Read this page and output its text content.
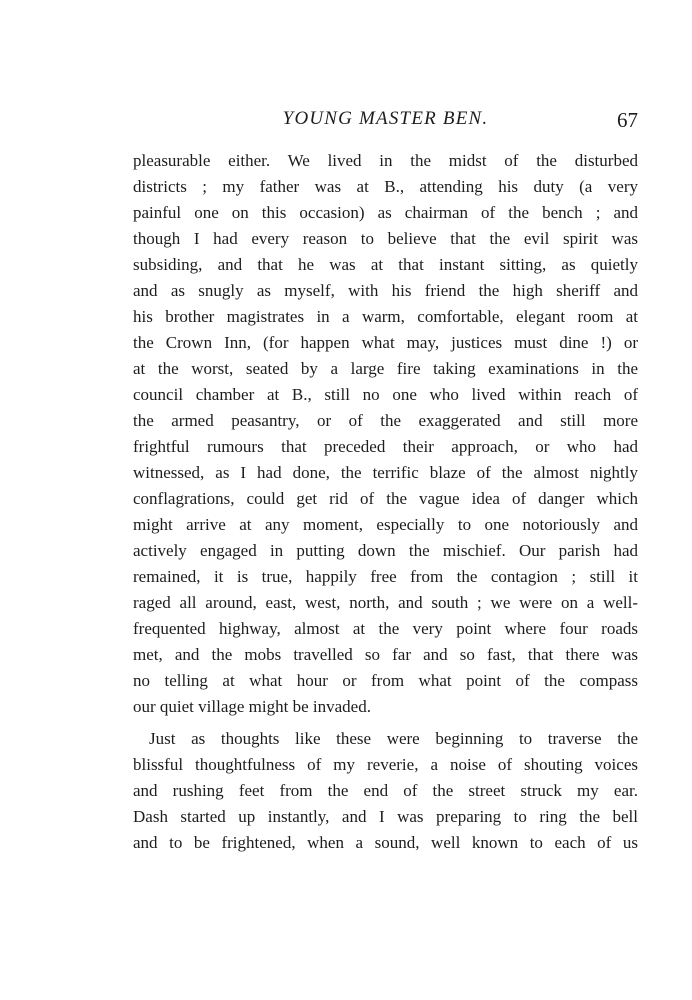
YOUNG MASTER BEN.	67
pleasurable either. We lived in the midst of the disturbed
districts ; my father was at B., attending his duty (a very
painful one on this occasion) as chairman of the bench ; and
though I had every reason to believe that the evil spirit was
subsiding, and that he was at that instant sitting, as quietly
and as snugly as myself, with his friend the high sheriff and
his brother magistrates in a warm, comfortable, elegant room at
the Crown Inn, (for happen what may, justices must dine !) or
at the worst, seated by a large fire taking examinations in the
council chamber at B., still no one who lived within reach of
the armed peasantry, or of the exaggerated and still more
frightful rumours that preceded their approach, or who had
witnessed, as I had done, the terrific blaze of the almost nightly
conflagrations, could get rid of the vague idea of danger which
might arrive at any moment, especially to one notoriously and
actively engaged in putting down the mischief. Our parish had
remained, it is true, happily free from the contagion ; still it
raged all around, east, west, north, and south ; we were on a well-
frequented highway, almost at the very point where four roads
met, and the mobs travelled so far and so fast, that there was
no telling at what hour or from what point of the compass
our quiet village might be invaded.
Just as thoughts like these were beginning to traverse the
blissful thoughtfulness of my reverie, a noise of shouting voices
and rushing feet from the end of the street struck my ear.
Dash started up instantly, and I was preparing to ring the bell
and to be frightened, when a sound, well known to each of us
